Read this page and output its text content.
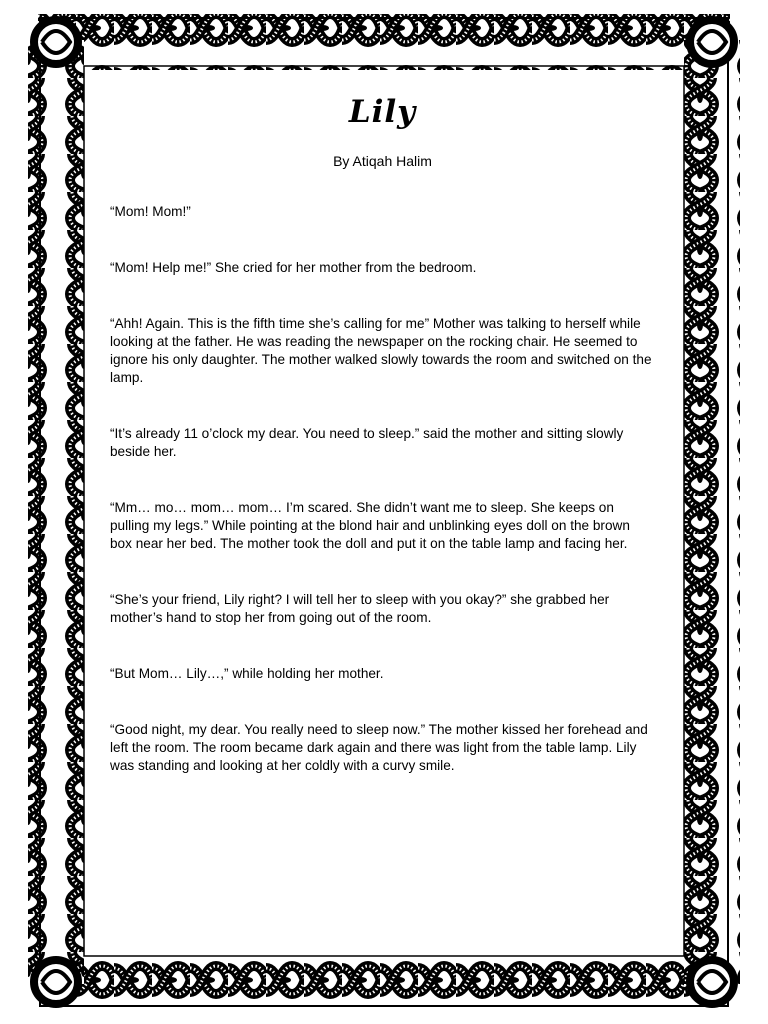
Lily
By Atiqah Halim

“Mom! Mom!”

“Mom! Help me!” She cried for her mother from the bedroom.

“Ahh! Again. This is the fifth time she’s calling for me” Mother was talking to herself while looking at the father. He was reading the newspaper on the rocking chair. He seemed to ignore his only daughter. The mother walked slowly towards the room and switched on the lamp.

“It’s already 11 o’clock my dear. You need to sleep.” said the mother and sitting slowly beside her.

“Mm… mo… mom… mom… I’m scared. She didn’t want me to sleep. She keeps on pulling my legs.” While pointing at the blond hair and unblinking eyes doll on the brown box near her bed. The mother took the doll and put it on the table lamp and facing her.

“She’s your friend, Lily right? I will tell her to sleep with you okay?” she grabbed her mother’s hand to stop her from going out of the room.

“But Mom… Lily…,” while holding her mother.

“Good night, my dear. You really need to sleep now.” The mother kissed her forehead and left the room. The room became dark again and there was light from the table lamp. Lily was standing and looking at her coldly with a curvy smile.
